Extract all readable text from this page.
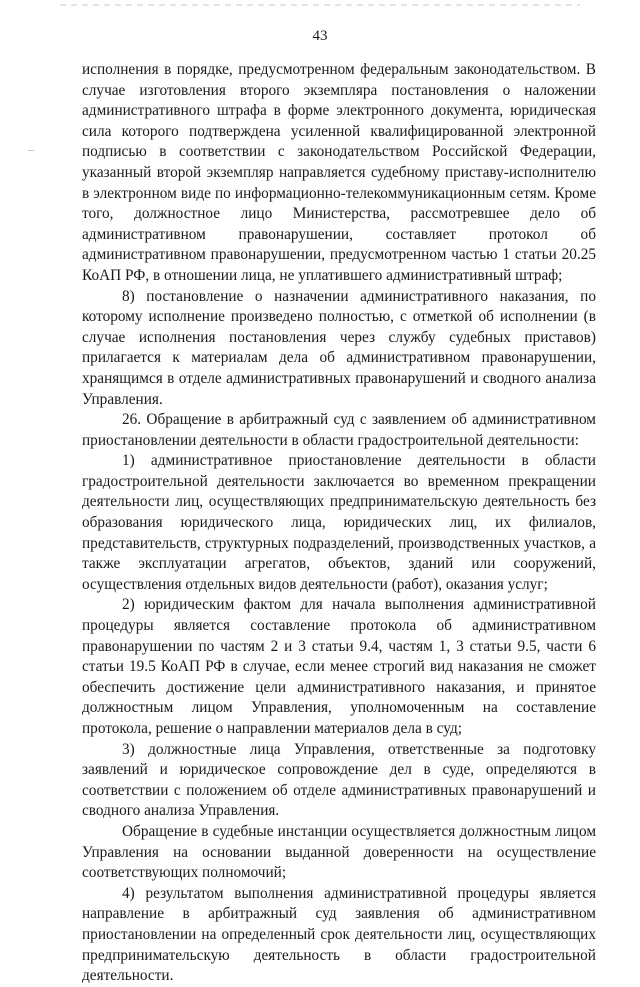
43

исполнения в порядке, предусмотренном федеральным законодательством. В случае изготовления второго экземпляра постановления о наложении административного штрафа в форме электронного документа, юридическая сила которого подтверждена усиленной квалифицированной электронной подписью в соответствии с законодательством Российской Федерации, указанный второй экземпляр направляется судебному приставу-исполнителю в электронном виде по информационно-телекоммуникационным сетям. Кроме того, должностное лицо Министерства, рассмотревшее дело об административном правонарушении, составляет протокол об административном правонарушении, предусмотренном частью 1 статьи 20.25 КоАП РФ, в отношении лица, не уплатившего административный штраф;

8) постановление о назначении административного наказания, по которому исполнение произведено полностью, с отметкой об исполнении (в случае исполнения постановления через службу судебных приставов) прилагается к материалам дела об административном правонарушении, хранящимся в отделе административных правонарушений и сводного анализа Управления.

26. Обращение в арбитражный суд с заявлением об административном приостановлении деятельности в области градостроительной деятельности:

1) административное приостановление деятельности в области градостроительной деятельности заключается во временном прекращении деятельности лиц, осуществляющих предпринимательскую деятельность без образования юридического лица, юридических лиц, их филиалов, представительств, структурных подразделений, производственных участков, а также эксплуатации агрегатов, объектов, зданий или сооружений, осуществления отдельных видов деятельности (работ), оказания услуг;

2) юридическим фактом для начала выполнения административной процедуры является составление протокола об административном правонарушении по частям 2 и 3 статьи 9.4, частям 1, 3 статьи 9.5, части 6 статьи 19.5 КоАП РФ в случае, если менее строгий вид наказания не сможет обеспечить достижение цели административного наказания, и принятое должностным лицом Управления, уполномоченным на составление протокола, решение о направлении материалов дела в суд;

3) должностные лица Управления, ответственные за подготовку заявлений и юридическое сопровождение дел в суде, определяются в соответствии с положением об отделе административных правонарушений и сводного анализа Управления.

Обращение в судебные инстанции осуществляется должностным лицом Управления на основании выданной доверенности на осуществление соответствующих полномочий;

4) результатом выполнения административной процедуры является направление в арбитражный суд заявления об административном приостановлении на определенный срок деятельности лиц, осуществляющих предпринимательскую деятельность в области градостроительной деятельности.
